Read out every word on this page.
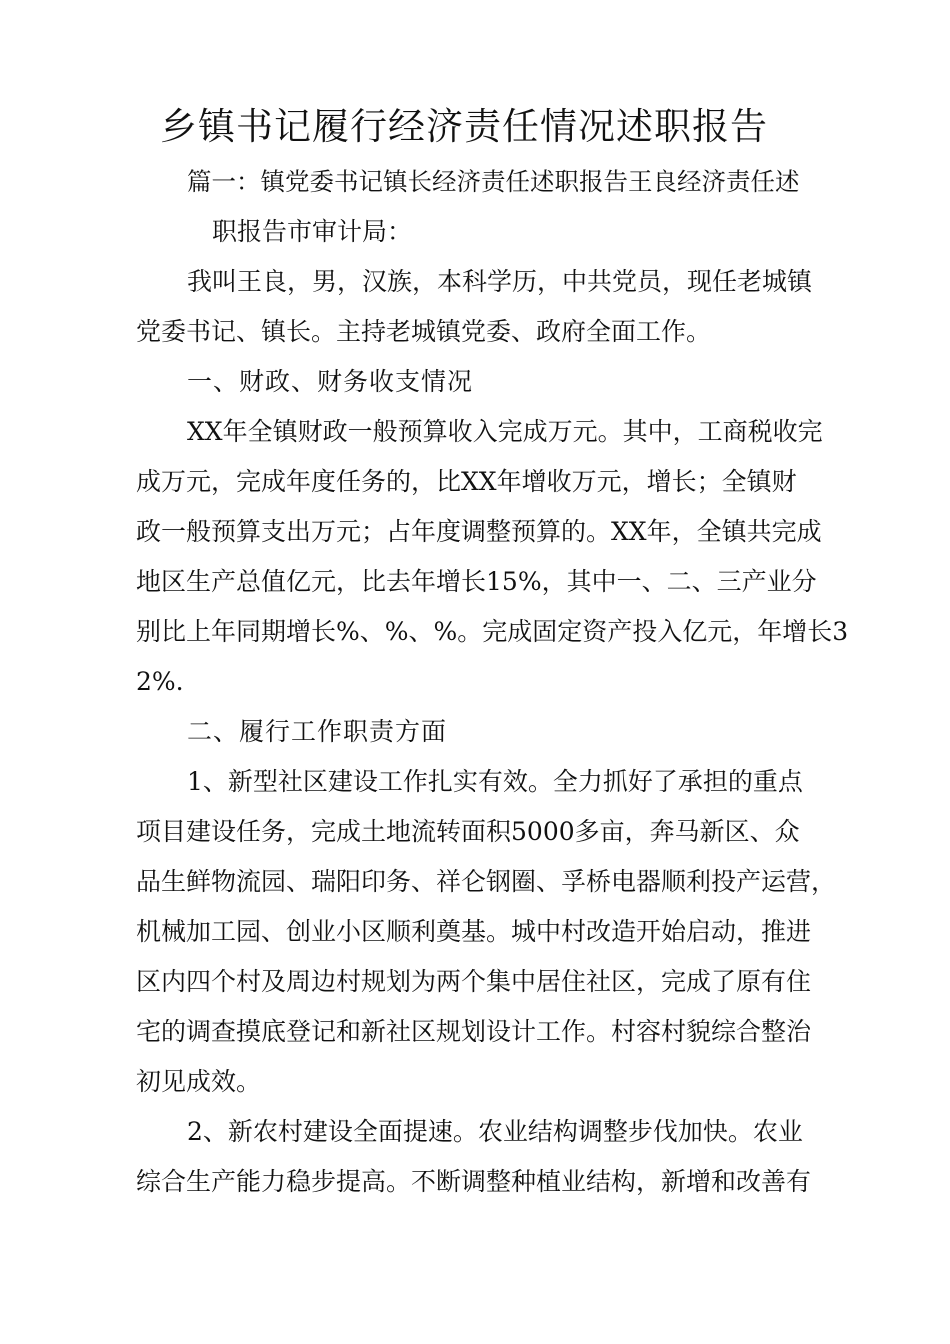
乡镇书记履行经济责任情况述职报告
篇一：镇党委书记镇长经济责任述职报告王良经济责任述
职报告市审计局：
我叫王良，男，汉族，本科学历，中共党员，现任老城镇
党委书记、镇长。主持老城镇党委、政府全面工作。
一、财政、财务收支情况
XX年全镇财政一般预算收入完成万元。其中，工商税收完
成万元，完成年度任务的，比XX年增收万元，增长；全镇财
政一般预算支出万元；占年度调整预算的。XX年，全镇共完成
地区生产总值亿元，比去年增长15%，其中一、二、三产业分
别比上年同期增长%、%、%。完成固定资产投入亿元，年增长3
2%.
二、履行工作职责方面
1、新型社区建设工作扎实有效。全力抓好了承担的重点
项目建设任务，完成土地流转面积5000多亩，奔马新区、众
品生鲜物流园、瑞阳印务、祥仑钢圈、孚桥电器顺利投产运营，
机械加工园、创业小区顺利奠基。城中村改造开始启动，推进
区内四个村及周边村规划为两个集中居住社区，完成了原有住
宅的调查摸底登记和新社区规划设计工作。村容村貌综合整治
初见成效。
2、新农村建设全面提速。农业结构调整步伐加快。农业
综合生产能力稳步提高。不断调整种植业结构，新增和改善有
